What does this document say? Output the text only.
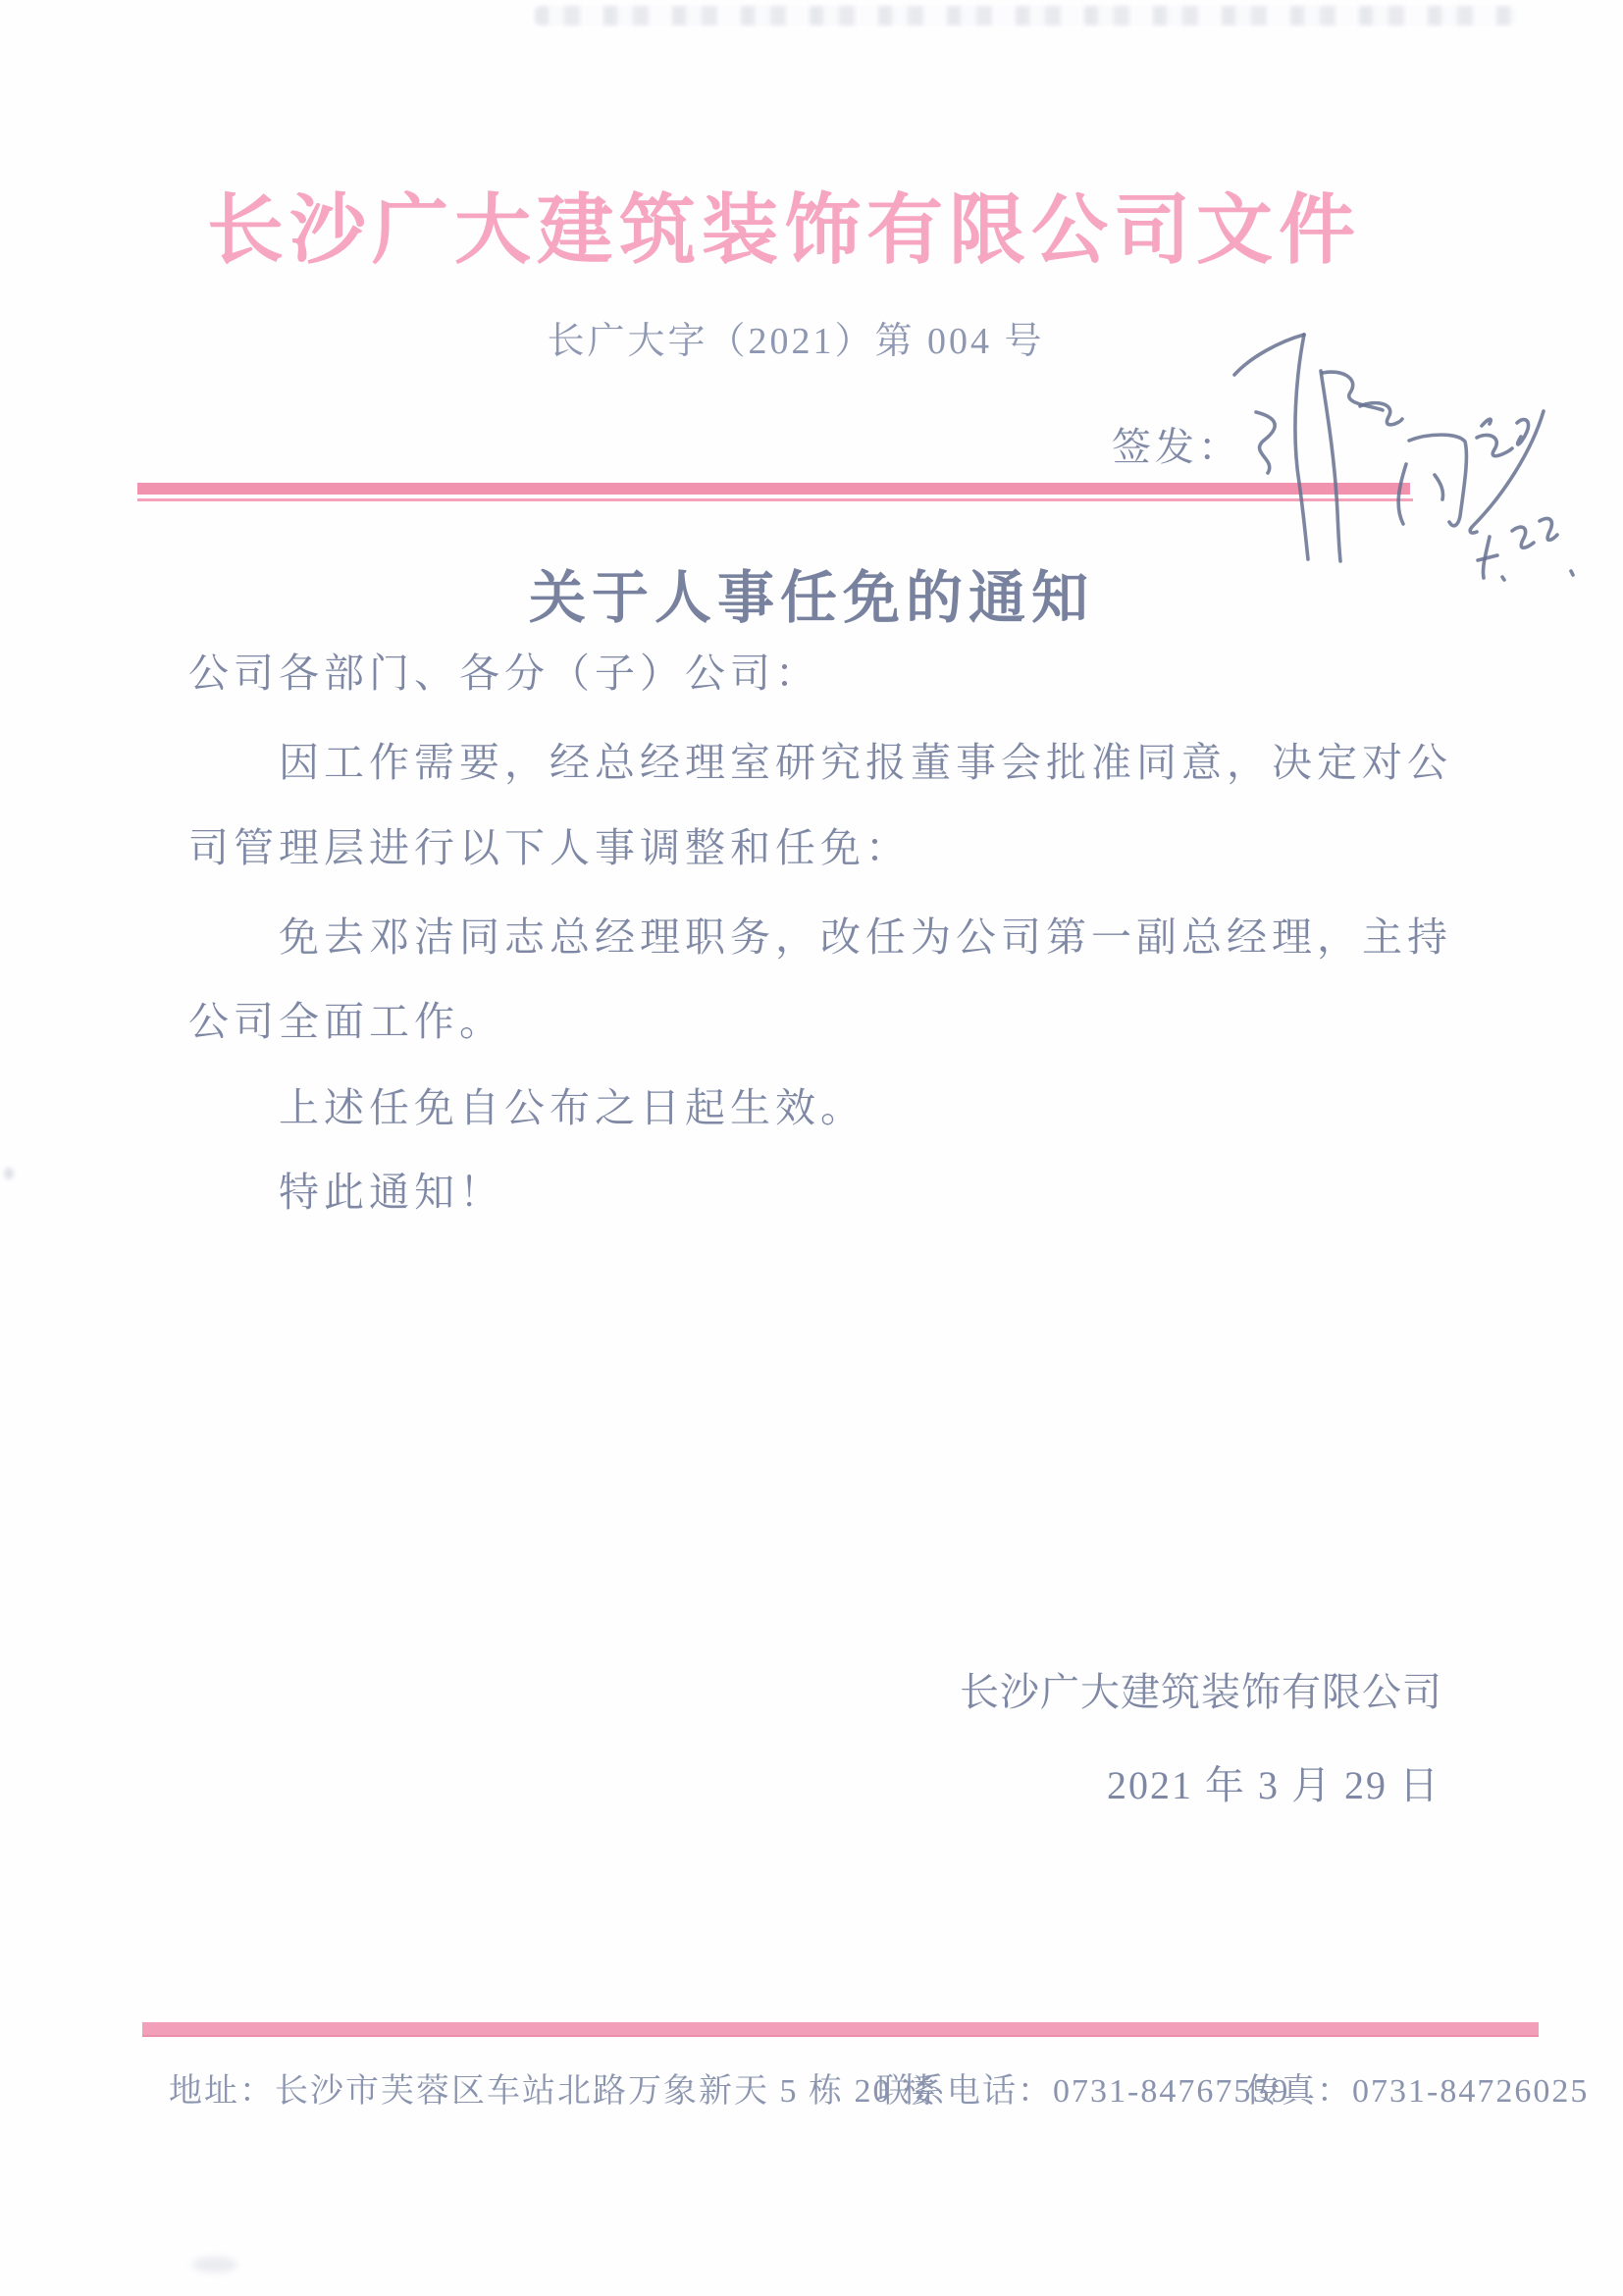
长沙广大建筑装饰有限公司文件
长广大字（2021）第 004 号
签发：
关于人事任免的通知
公司各部门、各分（子）公司：
因工作需要，经总经理室研究报董事会批准同意，决定对公
司管理层进行以下人事调整和任免：
免去邓洁同志总经理职务，改任为公司第一副总经理，主持
公司全面工作。
上述任免自公布之日起生效。
特此通知！
长沙广大建筑装饰有限公司
2021 年 3 月 29 日
地址：长沙市芙蓉区车站北路万象新天 5 栋 20 楼
联系电话：0731-84767559
传真：0731-84726025
